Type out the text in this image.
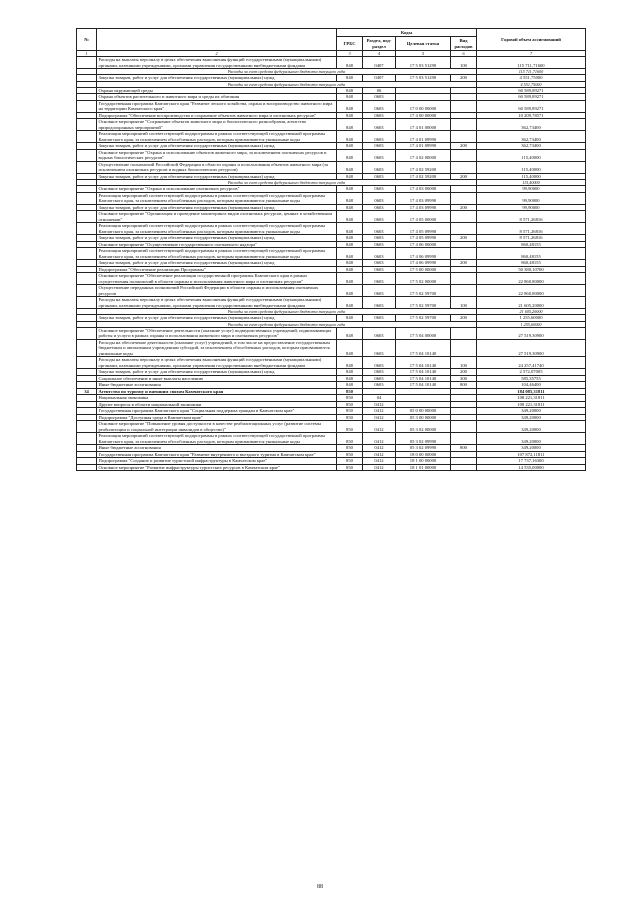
№		Коды				Годовой объем ассигнований
		ГРБС	Раздел, под-раздел	Целевая статья	Вид расходов	
1	2	3	4	5	6	7
	Расходы на выплаты персоналу в целях обеспечения выполнения функций государственными (муниципальными) органами, казенными учреждениями, органами управления государственными внебюджетными фондами	848	0407	17 5 03 51290	100	115 711,71600
	Расходы за счет средств федерального бюджета текущего года					115 711,71600
	Закупка товаров, работ и услуг для обеспечения государственных (муниципальных) нужд	848	0407	17 5 03 51290	200	4 551,75000
	Расходы за счет средств федерального бюджета текущего года					4 551,75000
	Охрана окружающей среды	848	06			60 589,89271
	Охрана объектов растительного и животного мира и среды их обитания	848	0603			60 589,89271
	Государственная программа Камчатского края "Развитие лесного хозяйства, охрана и воспроизводство животного мира на территории Камчатского края"	848	0603	17 0 00 00000		60 589,89271
	Подпрограмма "Обеспечение воспроизводства и сохранение объектов животного мира и охотничьих ресурсов"	848	0603	17 4 00 00000		10 209,78571
	Основное мероприятие "Сохранение объектов животного мира и биологического разнообразия, агентство природоохранных мероприятий"	848	0603	17 4 01 00000		362,73400
	Реализация мероприятий соответствующей подпрограммы в рамках соответствующей государственной программы Камчатского края, за исключением обособленных расходов, которым присваиваются уникальные коды	848	0603	17 4 01 09990		362,73400
	Закупка товаров, работ и услуг для обеспечения государственных (муниципальных) нужд	848	0603	17 4 01 09990	200	362,73400
	Основное мероприятие "Охрана и использование объектов животного мира, за исключением охотничьих ресурсов и водных биологических ресурсов"	848	0603	17 4 02 00000		115,40000
	Осуществление полномочий Российской Федерации в области охраны и использования объектов животного мира (за исключением охотничьих ресурсов и водных биологических ресурсов)	848	0603	17 4 02 59200		115,40000
	Закупка товаров, работ и услуг для обеспечения государственных (муниципальных) нужд	848	0603	17 4 02 59200	200	115,40000
	Расходы за счет средств федерального бюджета текущего года					115,40000
	Основное мероприятие "Охрана и использование охотничьих ресурсов"	848	0603	17 4 03 00000		99,90000
	Реализация мероприятий соответствующей подпрограммы в рамках соответствующей государственной программы Камчатского края, за исключением обособленных расходов, которым присваиваются уникальные коды	848	0603	17 4 03 09990		99,90000
	Закупка товаров, работ и услуг для обеспечения государственных (муниципальных) нужд	848	0603	17 4 03 09990	200	99,90000
	Основное мероприятие "Организация и проведение мониторинга видов охотничьих ресурсов, ценных в хозяйственном отношении"	848	0603	17 4 05 00000		8 571,26816
	Реализация мероприятий соответствующей подпрограммы в рамках соответствующей государственной программы Камчатского края, за исключением обособленных расходов, которым присваиваются уникальные коды	848	0603	17 4 05 09990		8 571,26816
	Закупка товаров, работ и услуг для обеспечения государственных (муниципальных) нужд	848	0603	17 4 05 09990	200	8 571,26816
	Основное мероприятие "Осуществление государственного охотничьего надзора"	848	0603	17 4 06 00000		860,48155
	Реализация мероприятий соответствующей подпрограммы в рамках соответствующей государственной программы Камчатского края, за исключением обособленных расходов, которым присваиваются уникальные коды	848	0603	17 4 06 09990		860,48155
	Закупка товаров, работ и услуг для обеспечения государственных (муниципальных) нужд	848	0603	17 4 06 09990	200	860,48155
	Подпрограмма "Обеспечение реализации Программы"	848	0603	17 5 00 00000		50 380,10700
	Основное мероприятие "Обеспечение реализации государственной программы Камчатского края в рамках осуществления полномочий в области охраны и использования животного мира и охотничьих ресурсов"	848	0603	17 5 02 00000		22 860,80000
	Осуществление переданных полномочий Российской Федерации в области охраны и использования охотничьих ресурсов	848	0603	17 5 02 59700		22 860,80000
	Расходы на выплаты персоналу в целях обеспечения выполнения функций государственными (муниципальными) органами, казенными учреждениями, органами управления государственными внебюджетными фондами	848	0603	17 5 02 59700	100	21 605,20000
	Расходы за счет средств федерального бюджета текущего года					21 605,20000
	Закупка товаров, работ и услуг для обеспечения государственных (муниципальных) нужд	848	0603	17 5 02 59700	200	1 255,60000
	Расходы за счет средств федерального бюджета текущего года					1 255,60000
	Основное мероприятие "Обеспечение деятельности (оказание услуг) подведомственных учреждений, подвизывающих работы и услуги в рамках охраны и использования животного мира и охотничьих ресурсов"	848	0603	17 5 04 00000		27 519,30900
	Расходы на обеспечение деятельности (оказание услуг) учреждений, в том числе на предоставление государственным бюджетным и автономным учреждениям субсидий, за исключением обособленных расходов, которым присваиваются уникальные коды	848	0603	17 5 04 10140		27 519,30900
	Расходы на выплаты персоналу в целях обеспечения выполнения функций государственными (муниципальными) органами, казенными учреждениями, органами управления государственными внебюджетными фондами	848	0603	17 5 04 10140	100	24 257,41740
	Закупка товаров, работ и услуг для обеспечения государственных (муниципальных) нужд	848	0603	17 5 04 10140	200	2 572,07005
	Социальное обеспечение и иные выплаты населению	848	0603	17 5 04 10140	300	585,35755
	Иные бюджетные ассигнования	848	0603	17 5 04 10140	800	104,46400
34	Агентство по туризму и внешним связям Камчатского края	850				184 085,31811
	Национальная экономика	850	04			108 221,31811
	Другие вопросы в области национальной экономики	850	0412			108 221,31811
	Государственная программа Камчатского края "Социальная поддержка граждан в Камчатском крае"	850	0412	05 0 00 00000		349,20000
	Подпрограмма "Доступная среда в Камчатском крае"	850	0412	05 3 00 00000		349,20000
	Основное мероприятие "Повышение уровня доступности в качестве реабилитационных услуг (развитие системы реабилитации и социальной интеграции инвалидов в общество)"	850	0412	05 3 02 00000		349,20000
	Реализация мероприятий соответствующей подпрограммы в рамках соответствующей государственной программы Камчатского края, за исключением обособленных расходов, которым присваиваются уникальные коды	850	0412	05 3 02 09990		349,20000
	Иные бюджетные ассигнования	850	0412	05 3 02 09990	800	349,20000
	Государственная программа Камчатского края "Развитие внутреннего и въездного туризма в Камчатском крае"	850	0412	18 0 00 00000		107 872,11811
	Подпрограмма "Создание и развитие туристской инфраструктуры в Камчатском крае"	850	0412	18 1 00 00000		17 737,16300
	Основное мероприятие "Развитие инфраструктуры туристских ресурсов в Камчатском крае"	850	0412	18 1 01 00000		14 535,00000
88
